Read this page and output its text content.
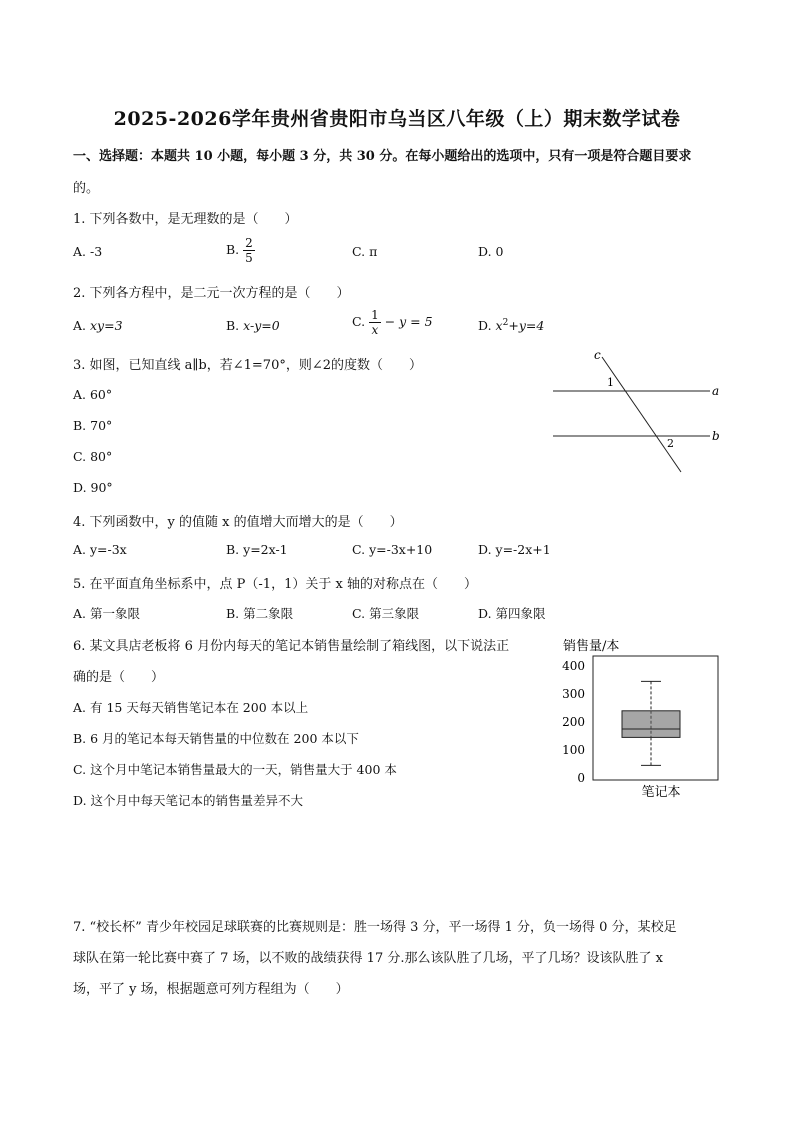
2025-2026学年贵州省贵阳市乌当区八年级（上）期末数学试卷
一、选择题：本题共 10 小题，每小题 3 分，共 30 分。在每小题给出的选项中，只有一项是符合题目要求
的。
1. 下列各数中，是无理数的是（　　）
A. -3	B. $\frac{2}{5}$	C. π	D. 0
2. 下列各方程中，是二元一次方程的是（　　）
A. xy=3	B. x-y=0	C. $\frac{1}{x} - y = 5$	D. $x^2+y=4$
3. 如图，已知直线 a∥b，若∠1=70°，则∠2的度数（　　）
A. 60°
B. 70°
C. 80°
D. 90°
c
a
b
1
2
4. 下列函数中，y 的值随 x 的值增大而增大的是（　　）
A. y=-3x	B. y=2x-1	C. y=-3x+10	D. y=-2x+1
5. 在平面直角坐标系中，点 P（-1，1）关于 x 轴的对称点在（　　）
A. 第一象限	B. 第二象限	C. 第三象限	D. 第四象限
6. 某文具店老板将 6 月份内每天的笔记本销售量绘制了箱线图，以下说法正
确的是（　　）
A. 有 15 天每天销售笔记本在 200 本以上
B. 6 月的笔记本每天销售量的中位数在 200 本以下
C. 这个月中笔记本销售量最大的一天，销售量大于 400 本
D. 这个月中每天笔记本的销售量差异不大
销售量/本
0
100
200
300
400
笔记本
7. “校长杯” 青少年校园足球联赛的比赛规则是：胜一场得 3 分，平一场得 1 分，负一场得 0 分，某校足
球队在第一轮比赛中赛了 7 场，以不败的战绩获得 17 分.那么该队胜了几场，平了几场？设该队胜了 x
场，平了 y 场，根据题意可列方程组为（　　）
